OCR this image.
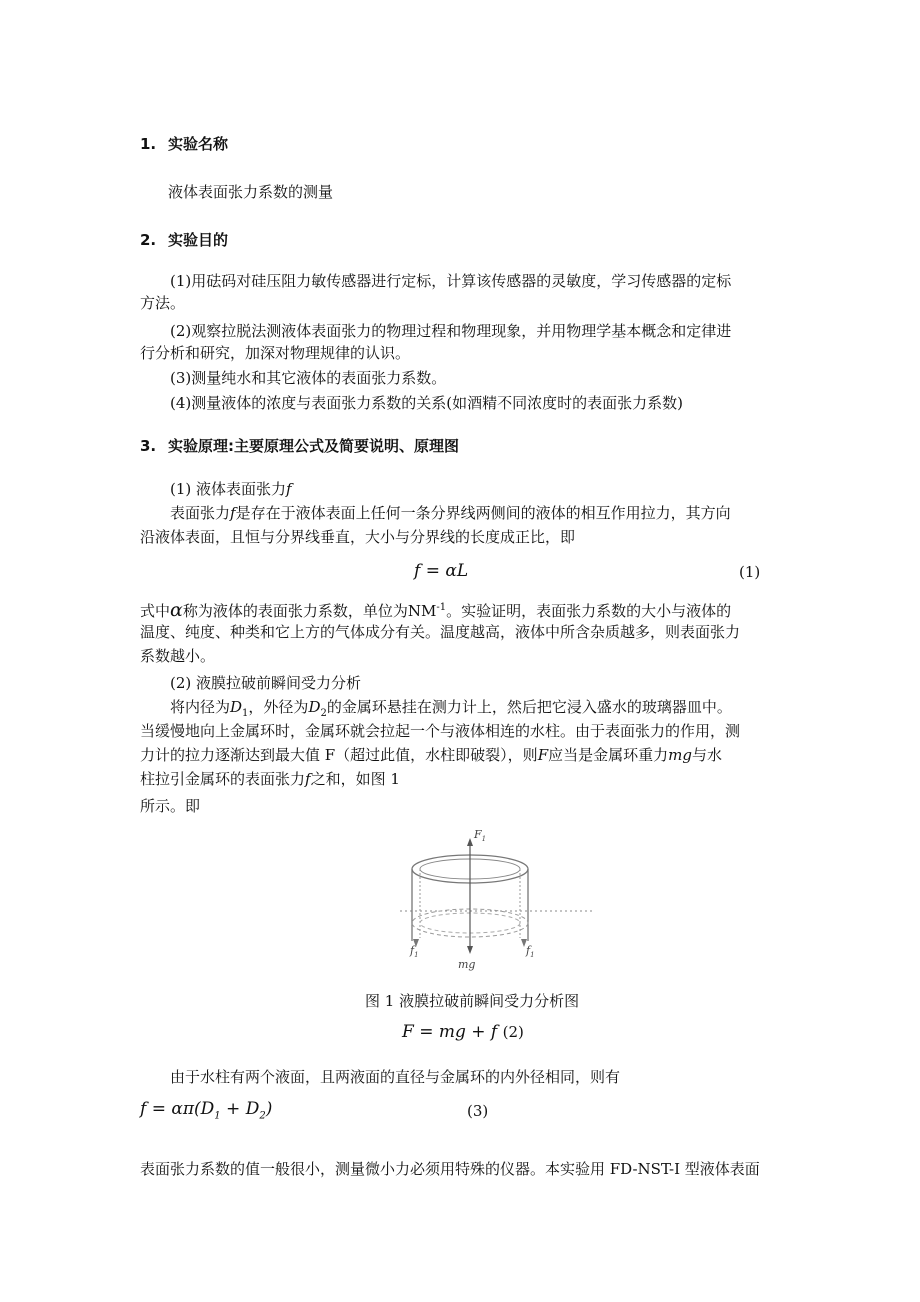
1. 实验名称
液体表面张力系数的测量
2. 实验目的
(1)用砝码对硅压阻力敏传感器进行定标，计算该传感器的灵敏度，学习传感器的定标
方法。
(2)观察拉脱法测液体表面张力的物理过程和物理现象，并用物理学基本概念和定律进
行分析和研究，加深对物理规律的认识。
(3)测量纯水和其它液体的表面张力系数。
(4)测量液体的浓度与表面张力系数的关系(如酒精不同浓度时的表面张力系数)
3. 实验原理:主要原理公式及简要说明、原理图
(1) 液体表面张力f
表面张力f是存在于液体表面上任何一条分界线两侧间的液体的相互作用拉力，其方向
沿液体表面，且恒与分界线垂直，大小与分界线的长度成正比，即
f = αL	(1)
式中α称为液体的表面张力系数，单位为$NM^{-1}$。实验证明，表面张力系数的大小与液体的
温度、纯度、种类和它上方的气体成分有关。温度越高，液体中所含杂质越多，则表面张力
系数越小。
(2) 液膜拉破前瞬间受力分析
将内径为$D_1$，外径为$D_2$的金属环悬挂在测力计上，然后把它浸入盛水的玻璃器皿中。
当缓慢地向上金属环时，金属环就会拉起一个与液体相连的水柱。由于表面张力的作用，测
力计的拉力逐渐达到最大值 F（超过此值，水柱即破裂），则F应当是金属环重力mg与水
柱拉引金属环的表面张力f之和，如图 1
所示。即
$F_1$
$f_1$	$f_1$
mg
图 1 液膜拉破前瞬间受力分析图
F = mg + f (2)
由于水柱有两个液面，且两液面的直径与金属环的内外径相同，则有
$f = \alpha\pi(D_1 + D_2)$	(3)
表面张力系数的值一般很小，测量微小力必须用特殊的仪器。本实验用 FD-NST-I 型液体表面
